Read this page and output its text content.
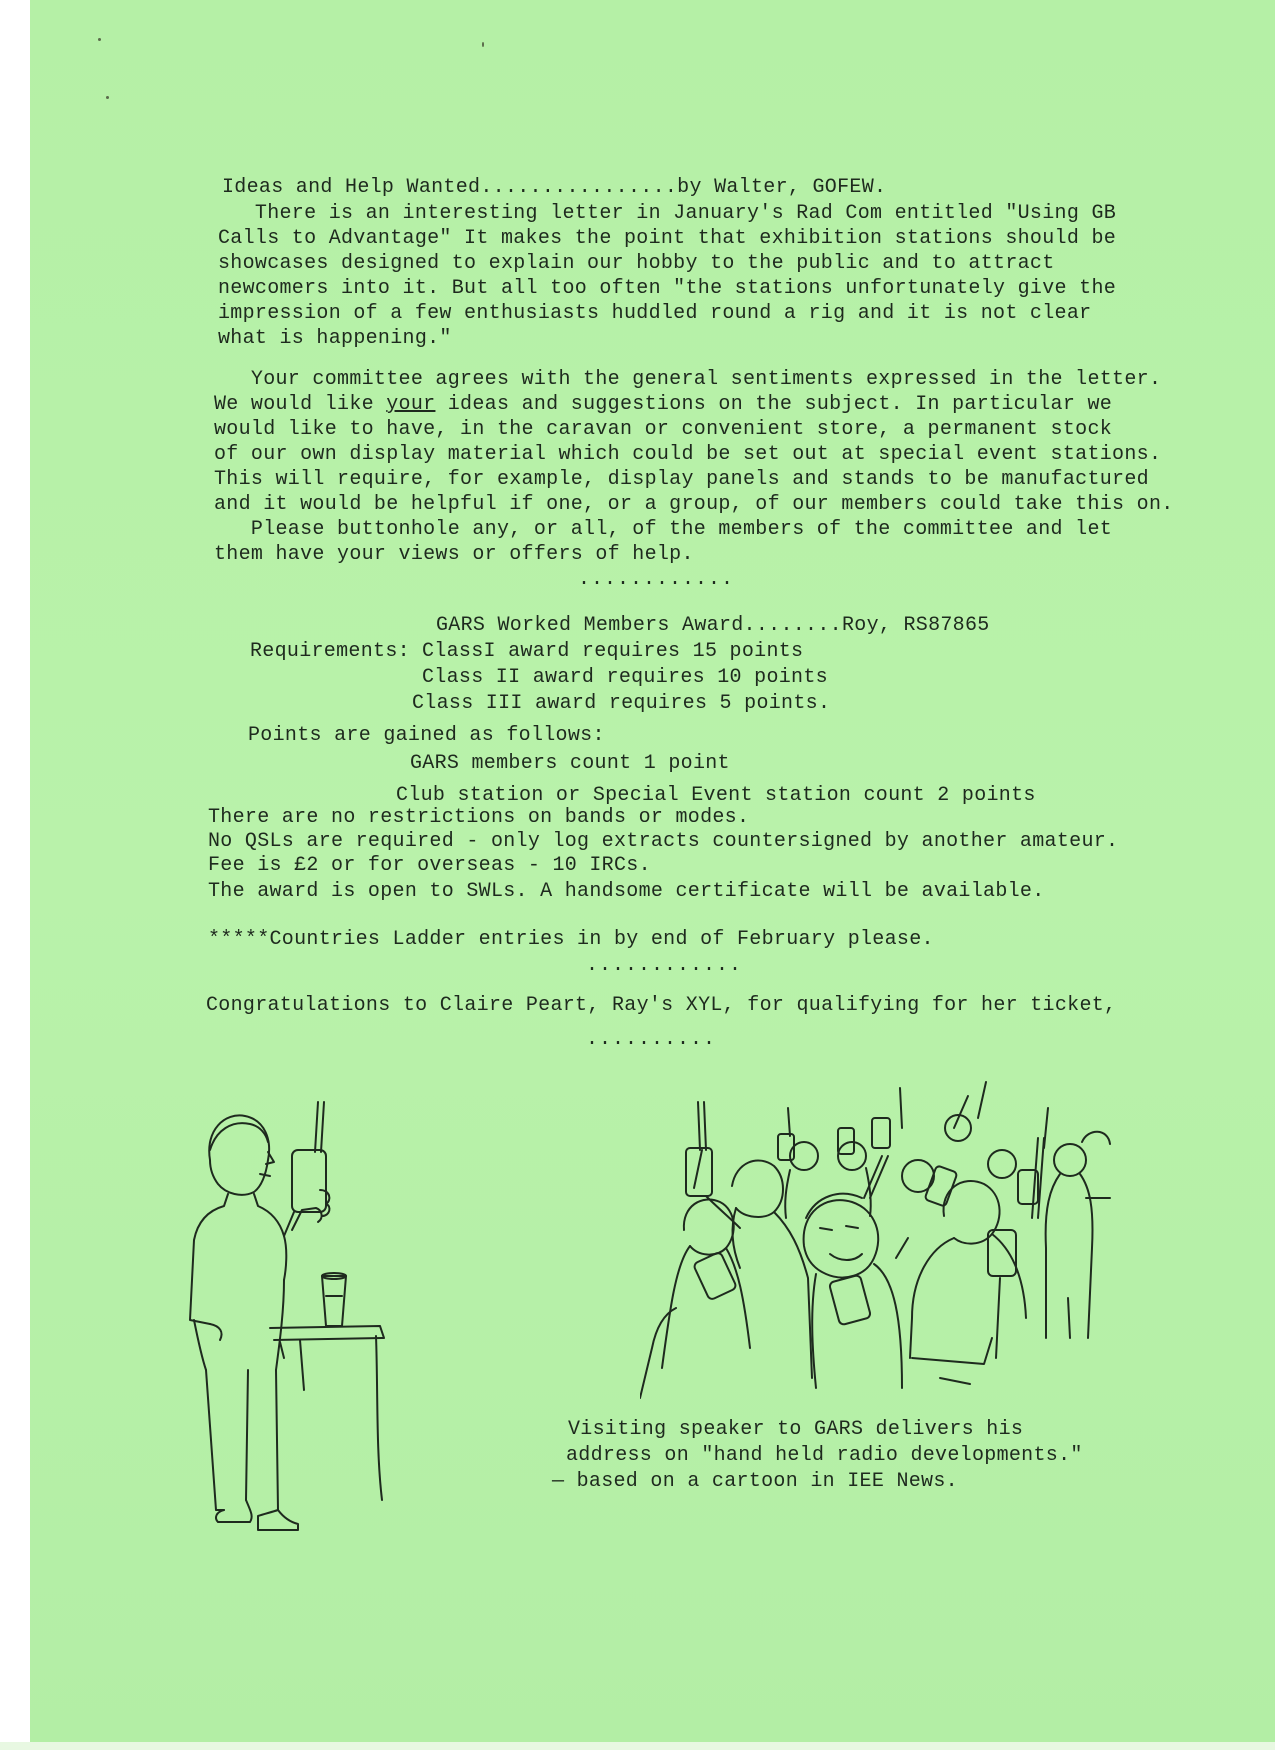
Ideas and Help Wanted................by Walter, GOFEW.
There is an interesting letter in January's Rad Com entitled "Using GB
Calls to Advantage" It makes the point that exhibition stations should be
showcases designed to explain our hobby to the public and to attract
newcomers into it. But all too often "the stations unfortunately give the
impression of a few enthusiasts huddled round a rig and it is not clear
what is happening."
Your committee agrees with the general sentiments expressed in the letter.
We would like your ideas and suggestions on the subject. In particular we
would like to have, in the caravan or convenient store, a permanent stock
of our own display material which could be set out at special event stations.
This will require, for example, display panels and stands to be manufactured
and it would be helpful if one, or a group, of our members could take this on.
Please buttonhole any, or all, of the members of the committee and let
them have your views or offers of help.
............
GARS Worked Members Award........Roy, RS87865
Requirements: ClassI award requires 15 points
Class II award requires 10 points
Class III award requires 5 points.
Points are gained as follows:
GARS members count 1 point
Club station or Special Event station count 2 points
There are no restrictions on bands or modes.
No QSLs are required - only log extracts countersigned by another amateur.
Fee is £2 or for overseas - 10 IRCs.
The award is open to SWLs. A handsome certificate will be available.
*****Countries Ladder entries in by end of February please.
............
Congratulations to Claire Peart, Ray's XYL, for qualifying for her ticket,
..........
Visiting speaker to GARS delivers his
address on "hand held radio developments."
— based on a cartoon in IEE News.
